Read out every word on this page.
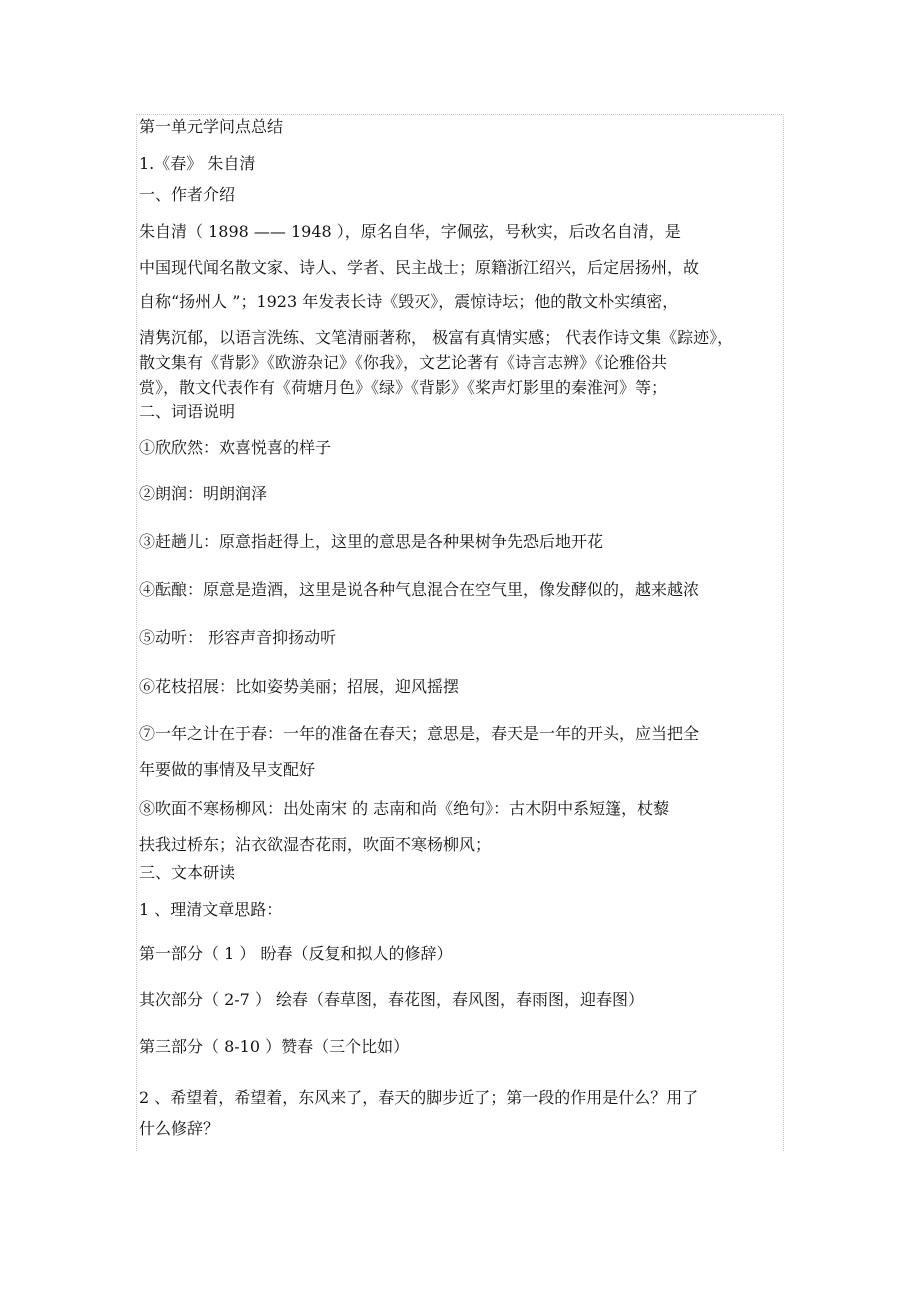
第一单元学问点总结
1.《春》 朱自清
一、作者介绍
朱自清（ 1898 —— 1948 ），原名自华，字佩弦，号秋实，后改名自清，是
中国现代闻名散文家、诗人、学者、民主战士；原籍浙江绍兴，后定居扬州，故
自称“扬州人 ”；1923 年发表长诗《毁灭》，震惊诗坛；他的散文朴实缜密，
清隽沉郁，以语言洗练、文笔清丽著称， 极富有真情实感； 代表作诗文集《踪迹》，
散文集有《背影》《欧游杂记》《你我》，文艺论著有《诗言志辨》《论雅俗共
赏》，散文代表作有《荷塘月色》《绿》《背影》《桨声灯影里的秦淮河》等；
二、词语说明
①欣欣然：欢喜悦喜的样子
②朗润：明朗润泽
③赶趟儿：原意指赶得上，这里的意思是各种果树争先恐后地开花
④酝酿：原意是造酒，这里是说各种气息混合在空气里，像发酵似的，越来越浓
⑤动听： 形容声音抑扬动听
⑥花枝招展：比如姿势美丽；招展，迎风摇摆
⑦一年之计在于春：一年的准备在春天；意思是，春天是一年的开头，应当把全
年要做的事情及早支配好
⑧吹面不寒杨柳风：出处南宋 的 志南和尚《绝句》：古木阴中系短篷，杖藜
扶我过桥东；沾衣欲湿杏花雨，吹面不寒杨柳风；
三、文本研读
1 、理清文章思路：
第一部分（ 1 ） 盼春（反复和拟人的修辞）
其次部分（ 2-7 ） 绘春（春草图，春花图，春风图，春雨图，迎春图）
第三部分（ 8-10 ）赞春（三个比如）
2 、希望着，希望着，东风来了，春天的脚步近了；第一段的作用是什么？用了
什么修辞？
